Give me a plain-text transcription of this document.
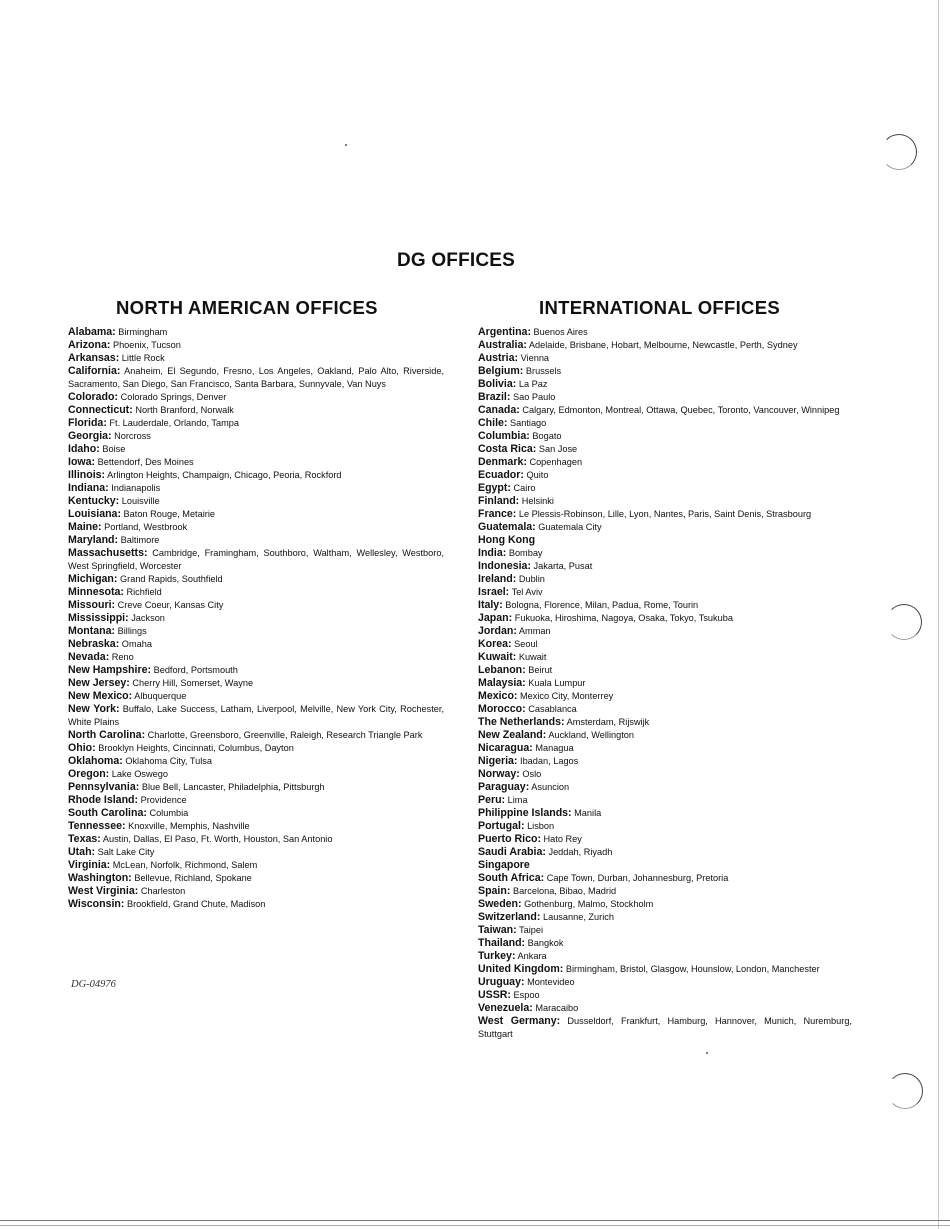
DG OFFICES
NORTH AMERICAN OFFICES	INTERNATIONAL OFFICES
Alabama: Birmingham
Arizona: Phoenix, Tucson
Arkansas: Little Rock
California: Anaheim, El Segundo, Fresno, Los Angeles, Oakland, Palo Alto, Riverside, Sacramento, San Diego, San Francisco, Santa Barbara, Sunnyvale, Van Nuys
Colorado: Colorado Springs, Denver
Connecticut: North Branford, Norwalk
Florida: Ft. Lauderdale, Orlando, Tampa
Georgia: Norcross
Idaho: Boise
Iowa: Bettendorf, Des Moines
Illinois: Arlington Heights, Champaign, Chicago, Peoria, Rockford
Indiana: Indianapolis
Kentucky: Louisville
Louisiana: Baton Rouge, Metairie
Maine: Portland, Westbrook
Maryland: Baltimore
Massachusetts: Cambridge, Framingham, Southboro, Waltham, Wellesley, Westboro, West Springfield, Worcester
Michigan: Grand Rapids, Southfield
Minnesota: Richfield
Missouri: Creve Coeur, Kansas City
Mississippi: Jackson
Montana: Billings
Nebraska: Omaha
Nevada: Reno
New Hampshire: Bedford, Portsmouth
New Jersey: Cherry Hill, Somerset, Wayne
New Mexico: Albuquerque
New York: Buffalo, Lake Success, Latham, Liverpool, Melville, New York City, Rochester, White Plains
North Carolina: Charlotte, Greensboro, Greenville, Raleigh, Research Triangle Park
Ohio: Brooklyn Heights, Cincinnati, Columbus, Dayton
Oklahoma: Oklahoma City, Tulsa
Oregon: Lake Oswego
Pennsylvania: Blue Bell, Lancaster, Philadelphia, Pittsburgh
Rhode Island: Providence
South Carolina: Columbia
Tennessee: Knoxville, Memphis, Nashville
Texas: Austin, Dallas, El Paso, Ft. Worth, Houston, San Antonio
Utah: Salt Lake City
Virginia: McLean, Norfolk, Richmond, Salem
Washington: Bellevue, Richland, Spokane
West Virginia: Charleston
Wisconsin: Brookfield, Grand Chute, Madison
Argentina: Buenos Aires
Australia: Adelaide, Brisbane, Hobart, Melbourne, Newcastle, Perth, Sydney
Austria: Vienna
Belgium: Brussels
Bolivia: La Paz
Brazil: Sao Paulo
Canada: Calgary, Edmonton, Montreal, Ottawa, Quebec, Toronto, Vancouver, Winnipeg
Chile: Santiago
Columbia: Bogato
Costa Rica: San Jose
Denmark: Copenhagen
Ecuador: Quito
Egypt: Cairo
Finland: Helsinki
France: Le Plessis-Robinson, Lille, Lyon, Nantes, Paris, Saint Denis, Strasbourg
Guatemala: Guatemala City
Hong Kong
India: Bombay
Indonesia: Jakarta, Pusat
Ireland: Dublin
Israel: Tel Aviv
Italy: Bologna, Florence, Milan, Padua, Rome, Tourin
Japan: Fukuoka, Hiroshima, Nagoya, Osaka, Tokyo, Tsukuba
Jordan: Amman
Korea: Seoul
Kuwait: Kuwait
Lebanon: Beirut
Malaysia: Kuala Lumpur
Mexico: Mexico City, Monterrey
Morocco: Casablanca
The Netherlands: Amsterdam, Rijswijk
New Zealand: Auckland, Wellington
Nicaragua: Managua
Nigeria: Ibadan, Lagos
Norway: Oslo
Paraguay: Asuncion
Peru: Lima
Philippine Islands: Manila
Portugal: Lisbon
Puerto Rico: Hato Rey
Saudi Arabia: Jeddah, Riyadh
Singapore
South Africa: Cape Town, Durban, Johannesburg, Pretoria
Spain: Barcelona, Bibao, Madrid
Sweden: Gothenburg, Malmo, Stockholm
Switzerland: Lausanne, Zurich
Taiwan: Taipei
Thailand: Bangkok
Turkey: Ankara
United Kingdom: Birmingham, Bristol, Glasgow, Hounslow, London, Manchester
Uruguay: Montevideo
USSR: Espoo
Venezuela: Maracaibo
West Germany: Dusseldorf, Frankfurt, Hamburg, Hannover, Munich, Nuremburg, Stuttgart
DG-04976
